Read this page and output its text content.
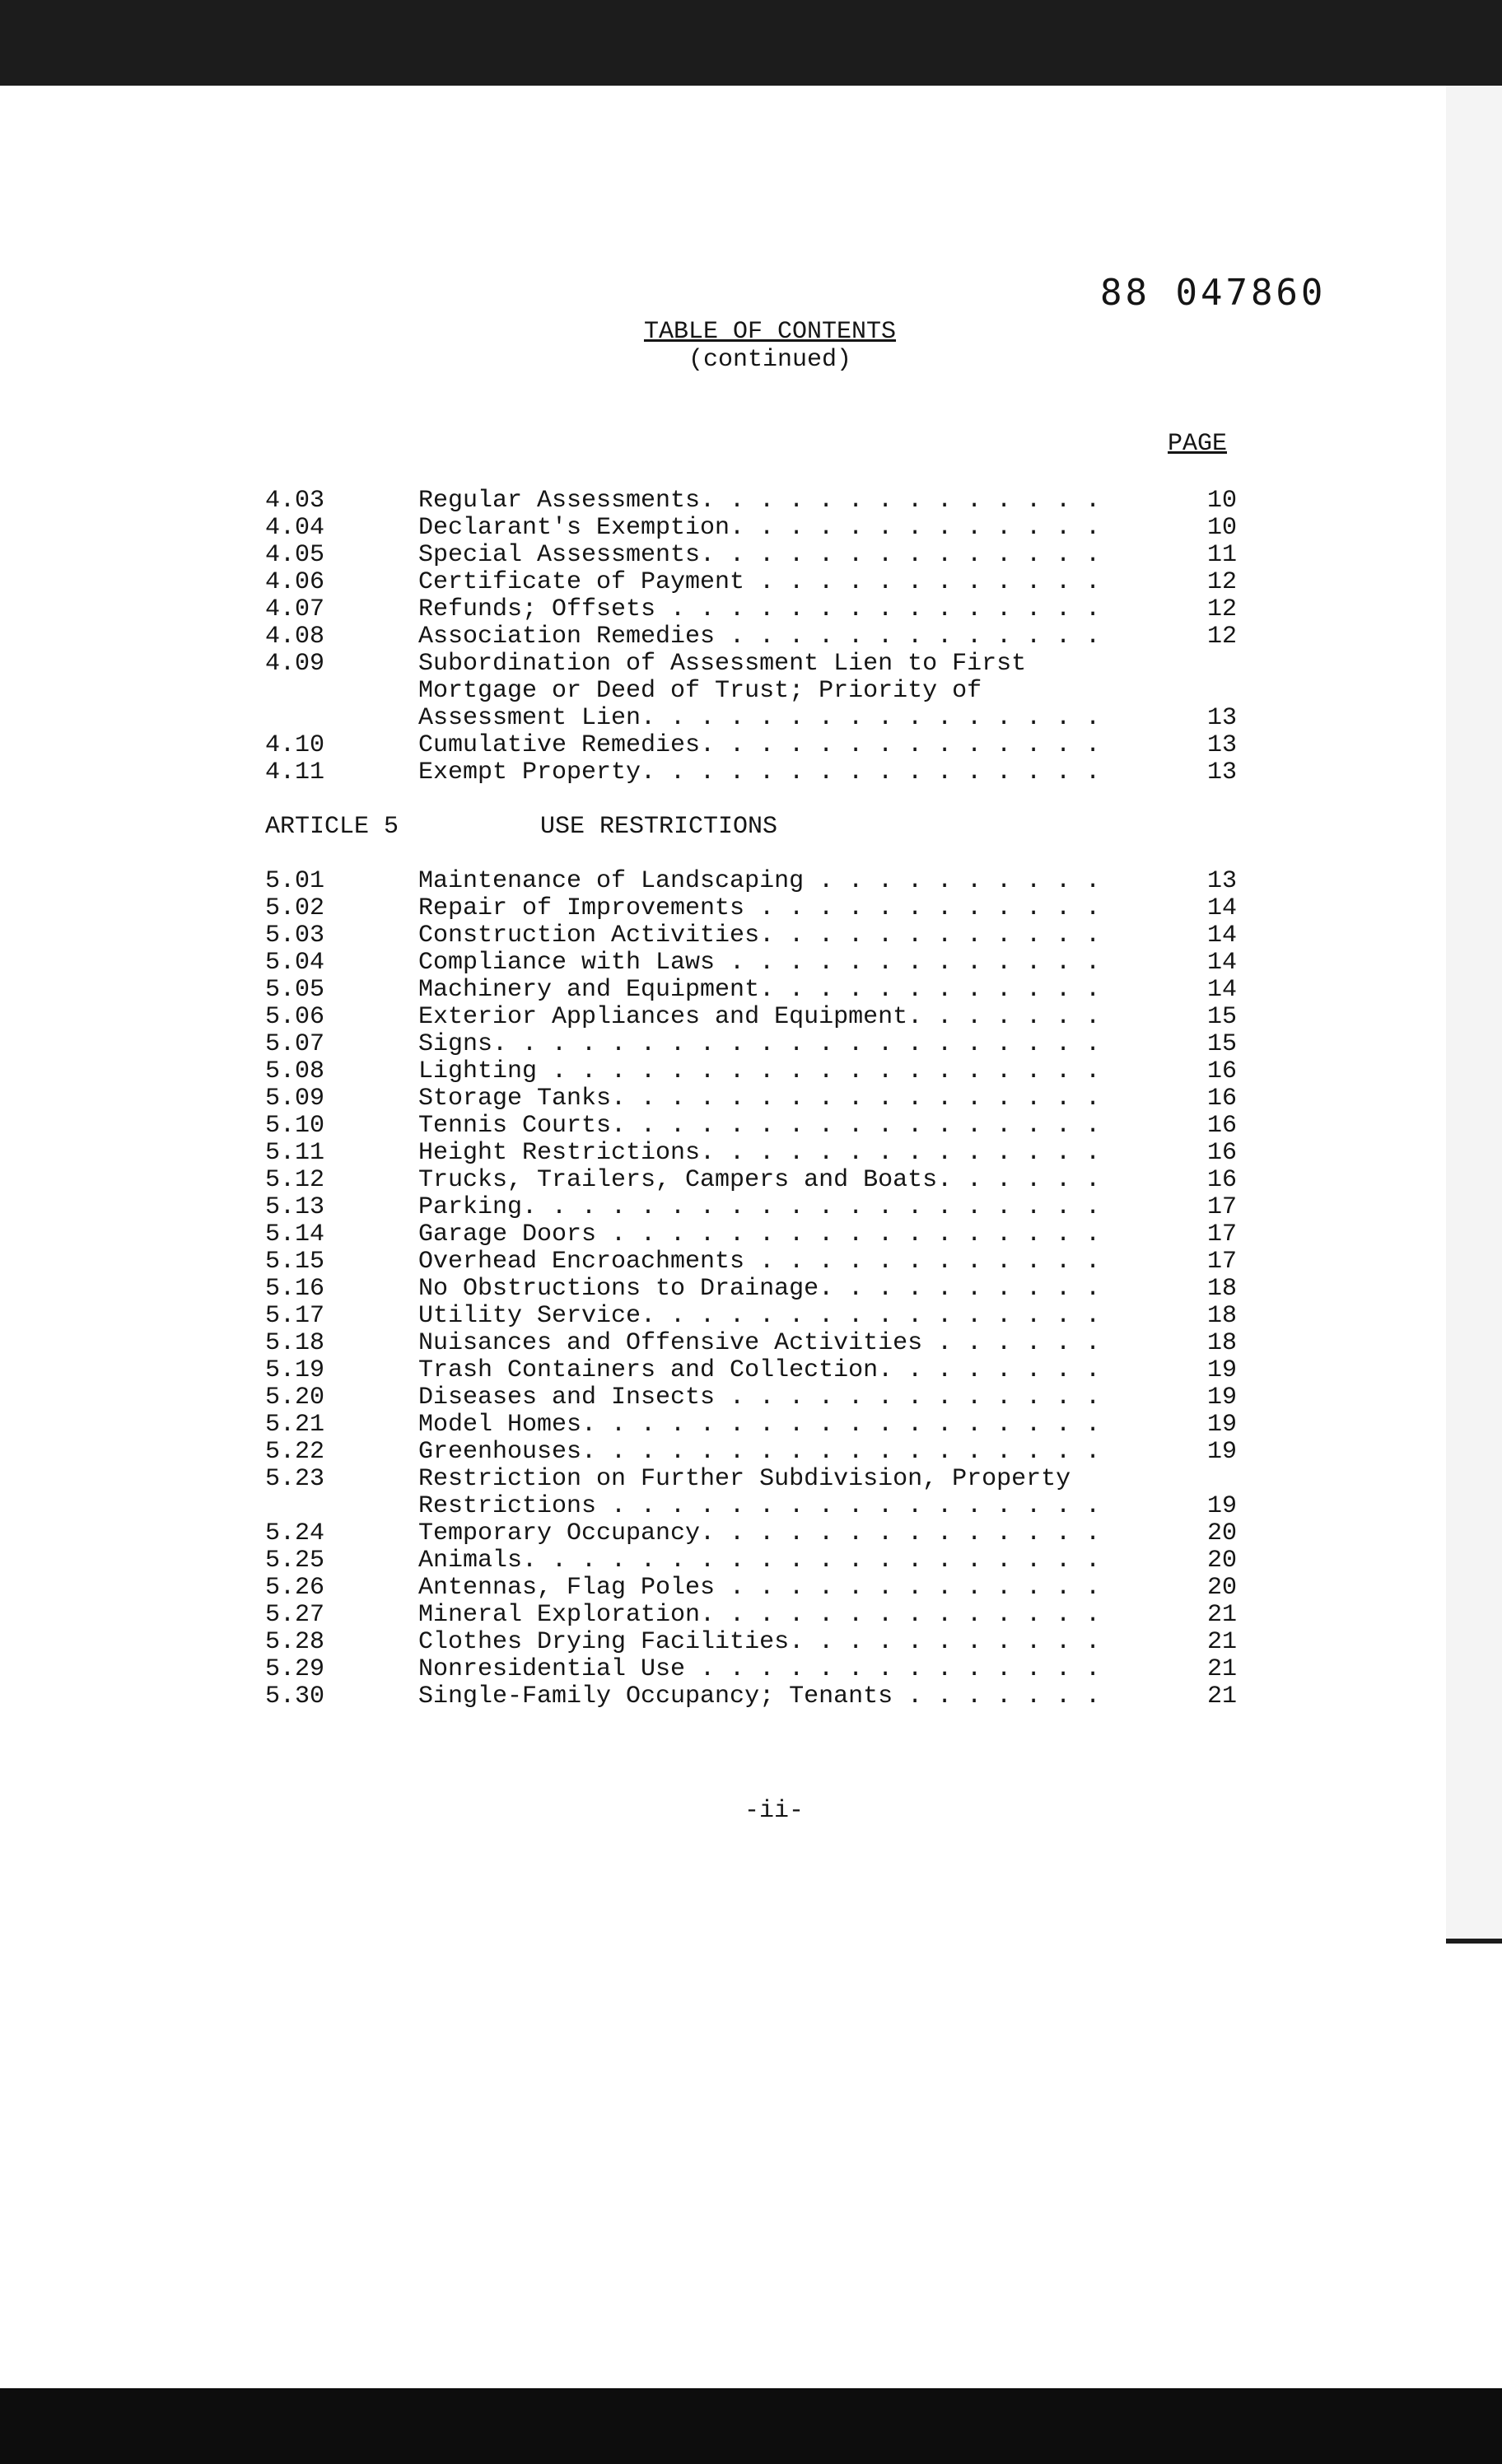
88 047860
TABLE OF CONTENTS
(continued)
PAGE
4.03	Regular Assessments. . . . . . . . . . . . . .	10
4.04	Declarant's Exemption. . . . . . . . . . . . .	10
4.05	Special Assessments. . . . . . . . . . . . . .	11
4.06	Certificate of Payment . . . . . . . . . . . .	12
4.07	Refunds; Offsets . . . . . . . . . . . . . . .	12
4.08	Association Remedies . . . . . . . . . . . . .	12
4.09	Subordination of Assessment Lien to First
Mortgage or Deed of Trust; Priority of
Assessment Lien. . . . . . . . . . . . . . . .	13
4.10	Cumulative Remedies. . . . . . . . . . . . . .	13
4.11	Exempt Property. . . . . . . . . . . . . . . .	13
ARTICLE 5	USE RESTRICTIONS
5.01	Maintenance of Landscaping . . . . . . . . . .	13
5.02	Repair of Improvements . . . . . . . . . . . .	14
5.03	Construction Activities. . . . . . . . . . . .	14
5.04	Compliance with Laws . . . . . . . . . . . . .	14
5.05	Machinery and Equipment. . . . . . . . . . . .	14
5.06	Exterior Appliances and Equipment. . . . . . .	15
5.07	Signs. . . . . . . . . . . . . . . . . . . . .	15
5.08	Lighting . . . . . . . . . . . . . . . . . . .	16
5.09	Storage Tanks. . . . . . . . . . . . . . . . .	16
5.10	Tennis Courts. . . . . . . . . . . . . . . . .	16
5.11	Height Restrictions. . . . . . . . . . . . . .	16
5.12	Trucks, Trailers, Campers and Boats. . . . . .	16
5.13	Parking. . . . . . . . . . . . . . . . . . . .	17
5.14	Garage Doors . . . . . . . . . . . . . . . . .	17
5.15	Overhead Encroachments . . . . . . . . . . . .	17
5.16	No Obstructions to Drainage. . . . . . . . . .	18
5.17	Utility Service. . . . . . . . . . . . . . . .	18
5.18	Nuisances and Offensive Activities . . . . . .	18
5.19	Trash Containers and Collection. . . . . . . .	19
5.20	Diseases and Insects . . . . . . . . . . . . .	19
5.21	Model Homes. . . . . . . . . . . . . . . . . .	19
5.22	Greenhouses. . . . . . . . . . . . . . . . . .	19
5.23	Restriction on Further Subdivision, Property
Restrictions . . . . . . . . . . . . . . . . .	19
5.24	Temporary Occupancy. . . . . . . . . . . . . .	20
5.25	Animals. . . . . . . . . . . . . . . . . . . .	20
5.26	Antennas, Flag Poles . . . . . . . . . . . . .	20
5.27	Mineral Exploration. . . . . . . . . . . . . .	21
5.28	Clothes Drying Facilities. . . . . . . . . . .	21
5.29	Nonresidential Use . . . . . . . . . . . . . .	21
5.30	Single-Family Occupancy; Tenants . . . . . . .	21
-ii-
